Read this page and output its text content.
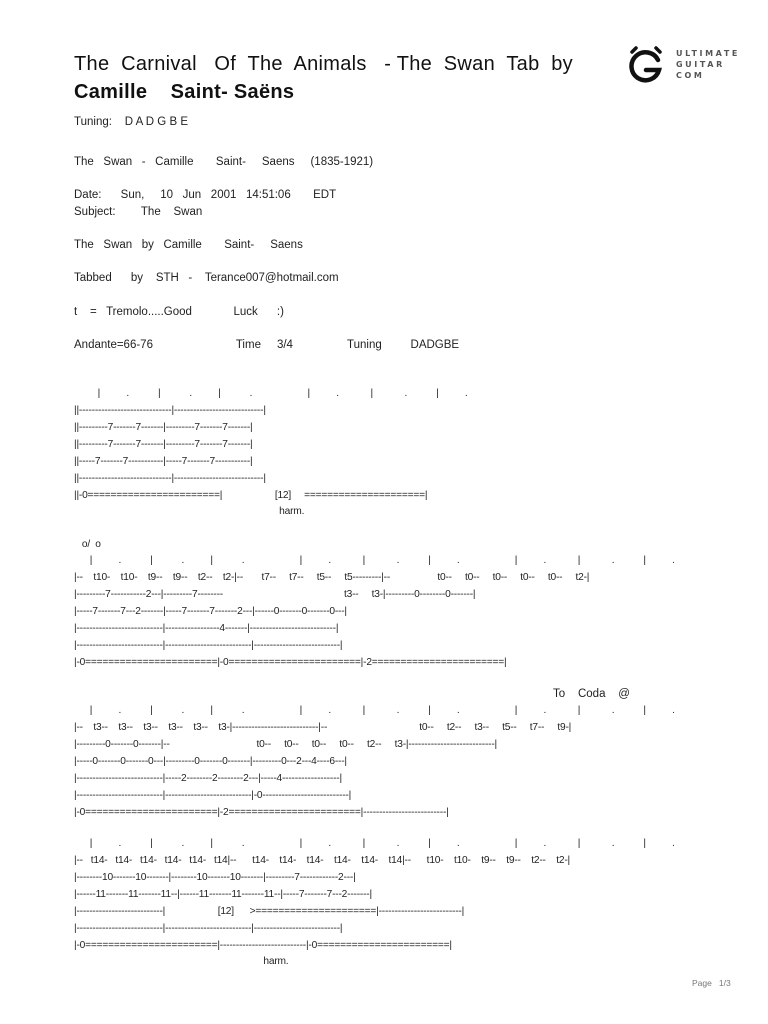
The  Carnival   Of  The  Animals   - The  Swan  Tab  by
Camille    Saint- Saëns
ULTIMATE
GUITAR
COM
Tuning:    D A D G B E
The   Swan   -   Camille       Saint-     Saens     (1835-1921)
Date:      Sun,     10   Jun   2001   14:51:06       EDT
Subject:        The    Swan
The   Swan   by   Camille       Saint-     Saens
Tabbed      by    STH   -    Terance007@hotmail.com
t    =   Tremolo.....Good             Luck      :)
Andante=66-76                          Time     3/4                 Tuning         DADGBE
|          .           |           .          |           .                     |          .            |            .           |          .
||-----------------------------|----------------------------|
||---------7-------7-------|---------7-------7-------|
||---------7-------7-------|---------7-------7-------|
||-----7-------7-----------|-----7-------7-----------|
||-----------------------------|----------------------------|
||-0=======================|                    [12]     =====================|
harm.
o/  o
|          .           |           .          |           .                     |          .            |            .           |          .                     |          .            |            .           |          .
|--    t10-    t10-    t9--    t9--    t2--    t2-|--       t7--     t7--     t5--     t5---------|--                  t0--     t0--     t0--     t0--     t0--     t2-|
|---------7-----------2---|---------7--------                                              t3--     t3-|---------0--------0-------|
|-----7-------7---2-------|-----7-------7-------2---|------0-------0-------0---|
|---------------------------|-----------------4-------|---------------------------|
|---------------------------|---------------------------|---------------------------|
|-0=======================|-0=======================|-2=======================|
To    Coda    @
|          .           |           .          |           .                     |          .            |            .           |          .                     |          .            |            .           |          .
|--    t3--    t3--    t3--    t3--    t3--    t3-|---------------------------|--                                   t0--     t2--     t3--     t5--     t7--     t9-|
|---------0-------0-------|--                                 t0--     t0--     t0--     t0--     t2--     t3-|---------------------------|
|-----0-------0-------0---|---------0-------0-------|---------0---2---4----6---|
|---------------------------|-----2--------2--------2---|-----4------------------|
|---------------------------|---------------------------|-0---------------------------|
|-0=======================|-2=======================|--------------------------|
|          .           |           .          |           .                     |          .            |            .           |          .                     |          .            |            .           |          .
|--   t14-   t14-   t14-   t14-   t14-   t14|--      t14-    t14-    t14-    t14-    t14-    t14|--      t10-    t10-    t9--    t9--    t2--    t2-|
|--------10-------10-------|--------10-------10-------|---------7------------2---|
|------11-------11-------11--|------11-------11-------11--|-----7-------7---2-------|
|---------------------------|                    [12]      >=====================|--------------------------|
|---------------------------|---------------------------|---------------------------|
|-0=======================|---------------------------|-0=======================|
harm.
Page   1/3
